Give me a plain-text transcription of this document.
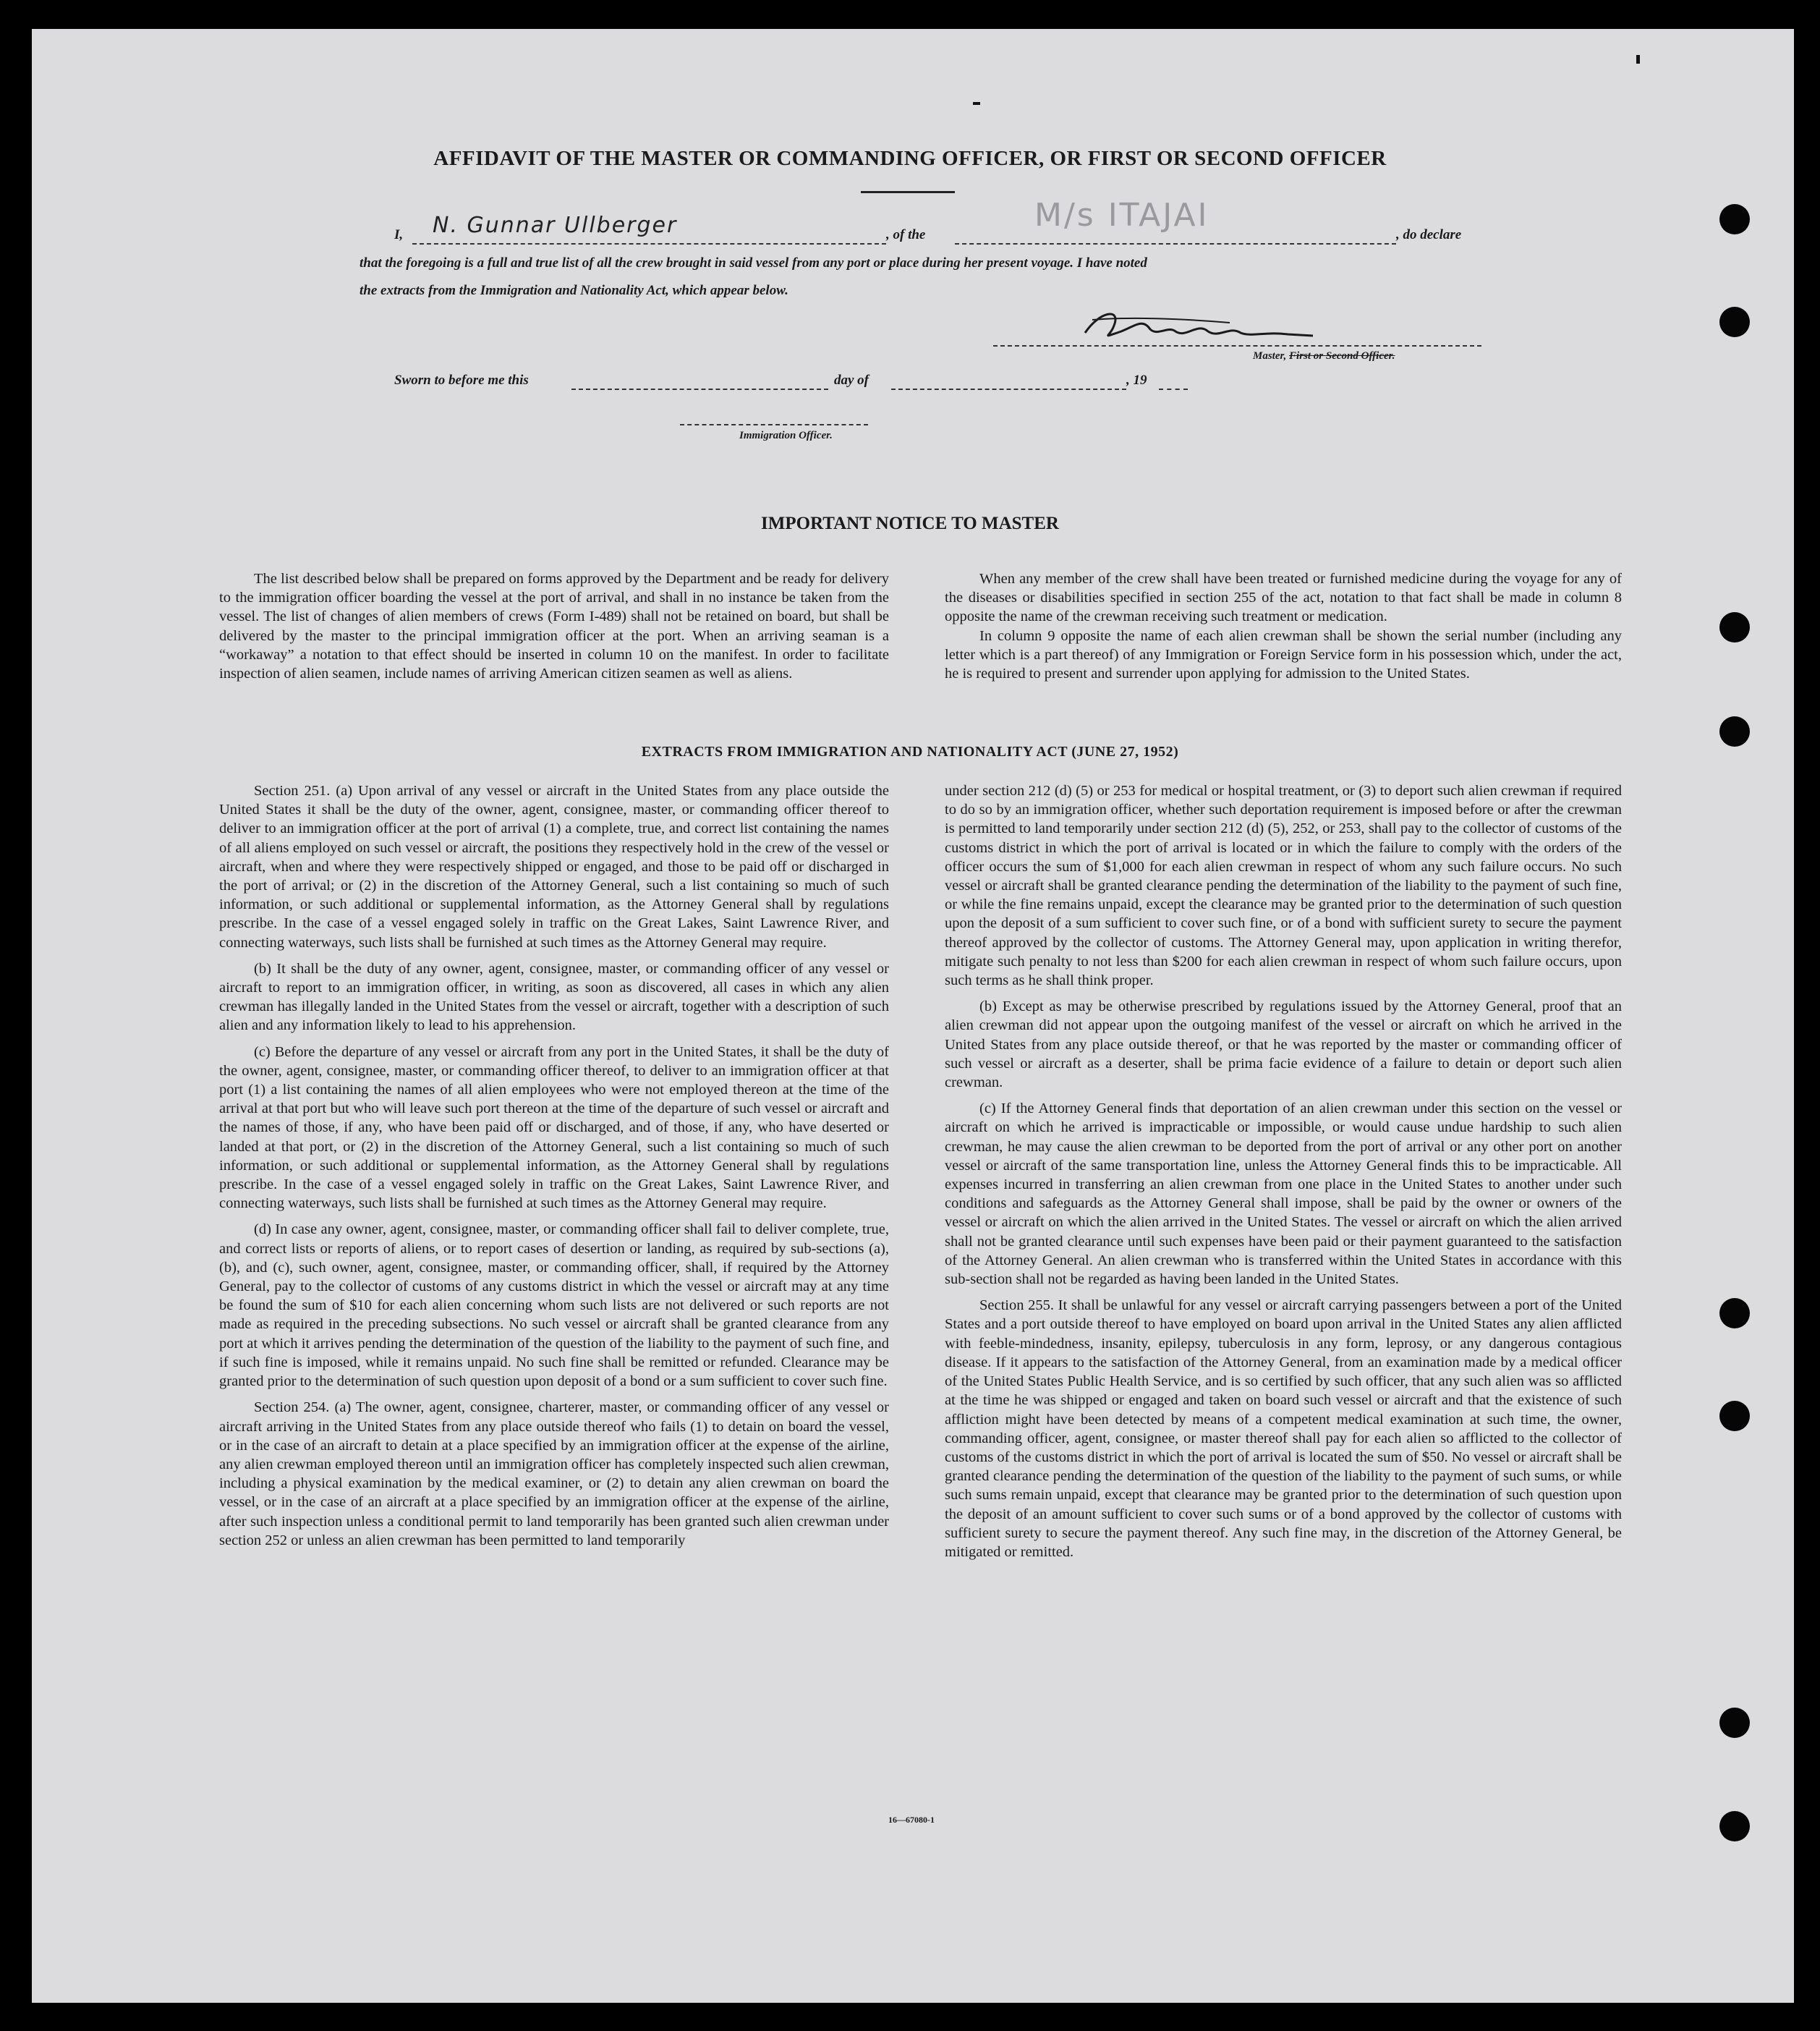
AFFIDAVIT OF THE MASTER OR COMMANDING OFFICER, OR FIRST OR SECOND OFFICER
I, N. Gunnar Ullberger	, of the
M/s ITAJAI
, do declare
that the foregoing is a full and true list of all the crew brought in said vessel from any port or place during her present voyage. I have noted
the extracts from the Immigration and Nationality Act, which appear below.
Master, First or Second Officer.
Sworn to before me this	day of	, 19
Immigration Officer.
IMPORTANT NOTICE TO MASTER

The list described below shall be prepared on forms approved by the Department and be ready for delivery to the immigration officer boarding the vessel at the port of arrival, and shall in no instance be taken from the vessel. The list of changes of alien members of crews (Form I-489) shall not be retained on board, but shall be delivered by the master to the principal immigration officer at the port. When an arriving seaman is a “workaway” a notation to that effect should be inserted in column 10 on the manifest. In order to facilitate inspection of alien seamen, include names of arriving American citizen seamen as well as aliens.

When any member of the crew shall have been treated or furnished medicine during the voyage for any of the diseases or disabilities specified in section 255 of the act, notation to that fact shall be made in column 8 opposite the name of the crewman receiving such treatment or medication.

In column 9 opposite the name of each alien crewman shall be shown the serial number (including any letter which is a part thereof) of any Immigration or Foreign Service form in his possession which, under the act, he is required to present and surrender upon applying for admission to the United States.

EXTRACTS FROM IMMIGRATION AND NATIONALITY ACT (JUNE 27, 1952)

Section 251. (a) Upon arrival of any vessel or aircraft in the United States from any place outside the United States it shall be the duty of the owner, agent, consignee, master, or commanding officer thereof to deliver to an immigration officer at the port of arrival (1) a complete, true, and correct list containing the names of all aliens employed on such vessel or aircraft, the positions they respectively hold in the crew of the vessel or aircraft, when and where they were respectively shipped or engaged, and those to be paid off or discharged in the port of arrival; or (2) in the discretion of the Attorney General, such a list containing so much of such information, or such additional or supplemental information, as the Attorney General shall by regulations prescribe. In the case of a vessel engaged solely in traffic on the Great Lakes, Saint Lawrence River, and connecting waterways, such lists shall be furnished at such times as the Attorney General may require.

(b) It shall be the duty of any owner, agent, consignee, master, or commanding officer of any vessel or aircraft to report to an immigration officer, in writing, as soon as discovered, all cases in which any alien crewman has illegally landed in the United States from the vessel or aircraft, together with a description of such alien and any information likely to lead to his apprehension.

(c) Before the departure of any vessel or aircraft from any port in the United States, it shall be the duty of the owner, agent, consignee, master, or commanding officer thereof, to deliver to an immigration officer at that port (1) a list containing the names of all alien employees who were not employed thereon at the time of the arrival at that port but who will leave such port thereon at the time of the departure of such vessel or aircraft and the names of those, if any, who have been paid off or discharged, and of those, if any, who have deserted or landed at that port, or (2) in the discretion of the Attorney General, such a list containing so much of such information, or such additional or supplemental information, as the Attorney General shall by regulations prescribe. In the case of a vessel engaged solely in traffic on the Great Lakes, Saint Lawrence River, and connecting waterways, such lists shall be furnished at such times as the Attorney General may require.

(d) In case any owner, agent, consignee, master, or commanding officer shall fail to deliver complete, true, and correct lists or reports of aliens, or to report cases of desertion or landing, as required by sub-sections (a), (b), and (c), such owner, agent, consignee, master, or commanding officer, shall, if required by the Attorney General, pay to the collector of customs of any customs district in which the vessel or aircraft may at any time be found the sum of $10 for each alien concerning whom such lists are not delivered or such reports are not made as required in the preceding subsections. No such vessel or aircraft shall be granted clearance from any port at which it arrives pending the determination of the question of the liability to the payment of such fine, and if such fine is imposed, while it remains unpaid. No such fine shall be remitted or refunded. Clearance may be granted prior to the determination of such question upon deposit of a bond or a sum sufficient to cover such fine.

Section 254. (a) The owner, agent, consignee, charterer, master, or commanding officer of any vessel or aircraft arriving in the United States from any place outside thereof who fails (1) to detain on board the vessel, or in the case of an aircraft to detain at a place specified by an immigration officer at the expense of the airline, any alien crewman employed thereon until an immigration officer has completely inspected such alien crewman, including a physical examination by the medical examiner, or (2) to detain any alien crewman on board the vessel, or in the case of an aircraft at a place specified by an immigration officer at the expense of the airline, after such inspection unless a conditional permit to land temporarily has been granted such alien crewman under section 252 or unless an alien crewman has been permitted to land temporarily

under section 212 (d) (5) or 253 for medical or hospital treatment, or (3) to deport such alien crewman if required to do so by an immigration officer, whether such deportation requirement is imposed before or after the crewman is permitted to land temporarily under section 212 (d) (5), 252, or 253, shall pay to the collector of customs of the customs district in which the port of arrival is located or in which the failure to comply with the orders of the officer occurs the sum of $1,000 for each alien crewman in respect of whom any such failure occurs. No such vessel or aircraft shall be granted clearance pending the determination of the liability to the payment of such fine, or while the fine remains unpaid, except the clearance may be granted prior to the determination of such question upon the deposit of a sum sufficient to cover such fine, or of a bond with sufficient surety to secure the payment thereof approved by the collector of customs. The Attorney General may, upon application in writing therefor, mitigate such penalty to not less than $200 for each alien crewman in respect of whom such failure occurs, upon such terms as he shall think proper.

(b) Except as may be otherwise prescribed by regulations issued by the Attorney General, proof that an alien crewman did not appear upon the outgoing manifest of the vessel or aircraft on which he arrived in the United States from any place outside thereof, or that he was reported by the master or commanding officer of such vessel or aircraft as a deserter, shall be prima facie evidence of a failure to detain or deport such alien crewman.

(c) If the Attorney General finds that deportation of an alien crewman under this section on the vessel or aircraft on which he arrived is impracticable or impossible, or would cause undue hardship to such alien crewman, he may cause the alien crewman to be deported from the port of arrival or any other port on another vessel or aircraft of the same transportation line, unless the Attorney General finds this to be impracticable. All expenses incurred in transferring an alien crewman from one place in the United States to another under such conditions and safeguards as the Attorney General shall impose, shall be paid by the owner or owners of the vessel or aircraft on which the alien arrived in the United States. The vessel or aircraft on which the alien arrived shall not be granted clearance until such expenses have been paid or their payment guaranteed to the satisfaction of the Attorney General. An alien crewman who is transferred within the United States in accordance with this sub-section shall not be regarded as having been landed in the United States.

Section 255. It shall be unlawful for any vessel or aircraft carrying passengers between a port of the United States and a port outside thereof to have employed on board upon arrival in the United States any alien afflicted with feeble-mindedness, insanity, epilepsy, tuberculosis in any form, leprosy, or any dangerous contagious disease. If it appears to the satisfaction of the Attorney General, from an examination made by a medical officer of the United States Public Health Service, and is so certified by such officer, that any such alien was so afflicted at the time he was shipped or engaged and taken on board such vessel or aircraft and that the existence of such affliction might have been detected by means of a competent medical examination at such time, the owner, commanding officer, agent, consignee, or master thereof shall pay for each alien so afflicted to the collector of customs of the customs district in which the port of arrival is located the sum of $50. No vessel or aircraft shall be granted clearance pending the determination of the question of the liability to the payment of such sums, or while such sums remain unpaid, except that clearance may be granted prior to the determination of such question upon the deposit of an amount sufficient to cover such sums or of a bond approved by the collector of customs with sufficient surety to secure the payment thereof. Any such fine may, in the discretion of the Attorney General, be mitigated or remitted.

16—67080-1
